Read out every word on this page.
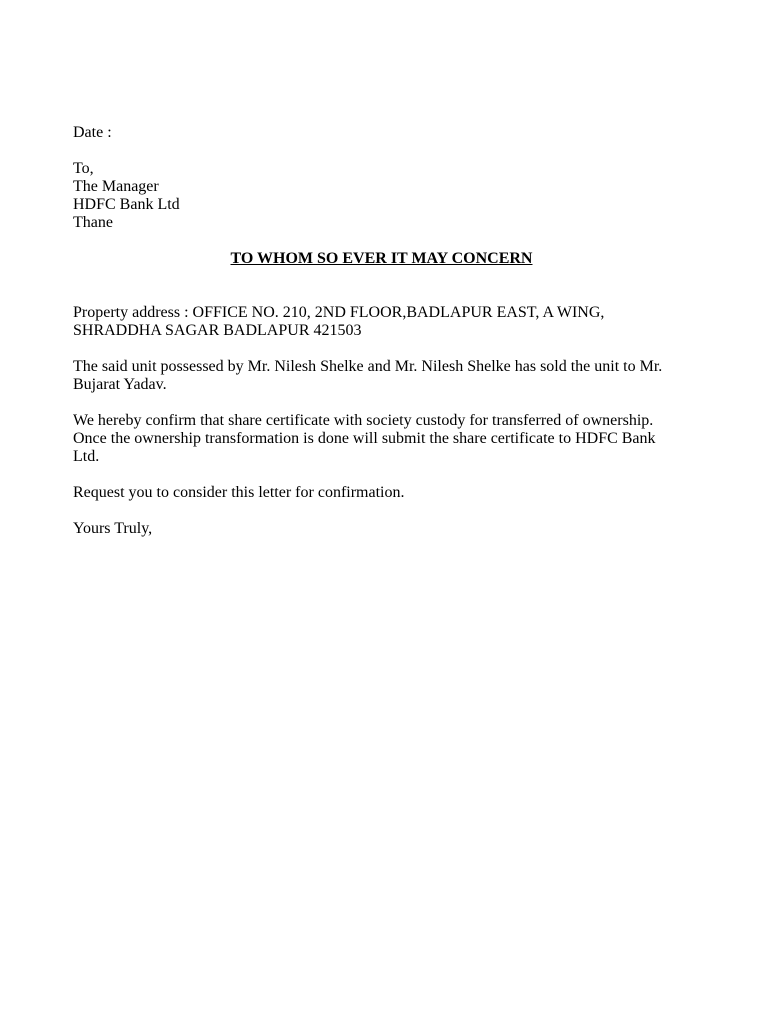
Date :
To,
The Manager
HDFC Bank Ltd
Thane
TO WHOM SO EVER IT MAY CONCERN
Property address : OFFICE NO. 210, 2ND FLOOR,BADLAPUR EAST, A WING,
SHRADDHA SAGAR BADLAPUR 421503
The said unit possessed by Mr. Nilesh Shelke and Mr. Nilesh Shelke has sold the unit to Mr.
Bujarat Yadav.
We hereby confirm that share certificate with society custody for transferred of ownership.
Once the ownership transformation is done will submit the share certificate to HDFC Bank
Ltd.
Request you to consider this letter for confirmation.
Yours Truly,
